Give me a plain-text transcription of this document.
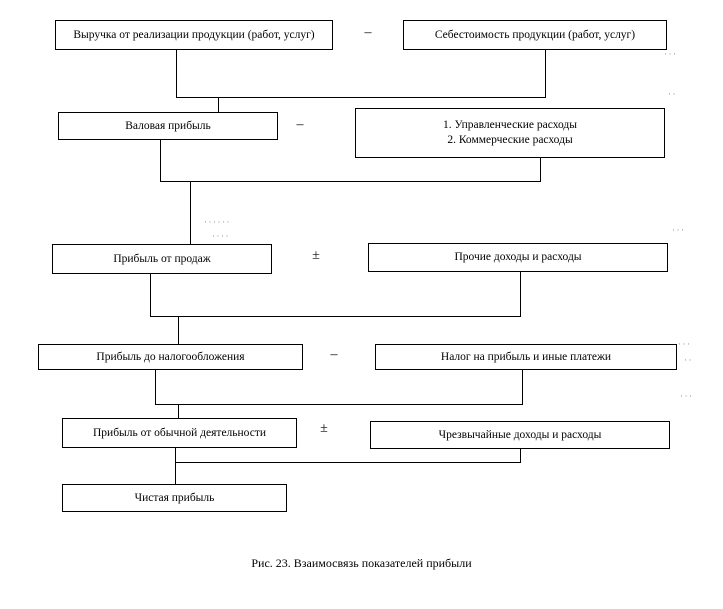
Выручка от реализации продукции (работ, услуг)	–	Себестоимость продукции (работ, услуг)
Валовая прибыль	–	1. Управленческие расходы
2. Коммерческие расходы
Прибыль от продаж	±	Прочие доходы и расходы
Прибыль до налогообложения	–	Налог на прибыль и иные платежи
Прибыль от обычной деятельности	±	Чрезвычайные доходы и расходы
Чистая прибыль
···
··
······
····
···
···
··
···
Рис. 23. Взаимосвязь показателей прибыли
